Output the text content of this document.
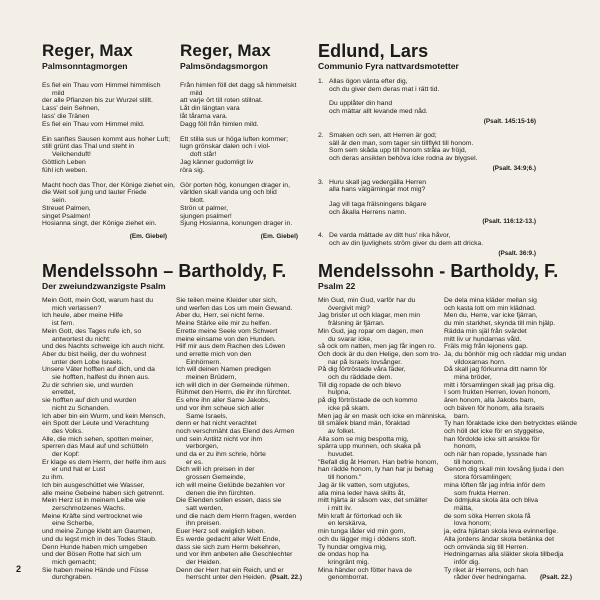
Reger, Max
Palmsonntagmorgen
Es fiel ein Thau vom Himmel himmlisch
mild
der alle Pflanzen bis zur Wurzel stillt.
Lass' dein Sehnen,
lass' die Tränen
Es fiel ein Thau vom Himmel mild.
Ein sanftes Sausen kommt aus hoher Luft;
still grünt das Thal und steht in
Veilchenduft!
Göttlich Leben
fühl ich weben.
Macht hoch das Thor, der Könige ziehet ein,
die Weit soll jung und lauter Friede
sein.
Streuet Palmen,
singet Psalmen!
Hosianna singt, der Könige ziehet ein.
(Em. Giebel)
Reger, Max
Palmsöndagsmorgon
Från himlen föll det dagg så himmelskt
mild
att varje ört till roten stillnat.
Låt din längtan vara
låt tårarna vara.
Dagg föll från himlen mild.
Ett stilla sus ur höga luften kommer;
lugn grönskar dalen och i viol-
doft står!
Jag känner gudomligt liv
röra sig.
Gör porten hög, konungen drager in,
världen skall vanda ung och blid
blott.
Strön ut palmer,
sjungen psalmer!
Sjung Hosianna, konungen drager in.
(Em. Giebel)
Edlund, Lars
Communio Fyra nattvardsmotetter
1. Allas ögon vänta efter dig,
och du giver dem deras mat i rätt tid.
Du upplåter din hand
och mättar allt levande med nåd.
(Psalt. 145:15-16)
2. Smaken och sen, att Herren är god;
säll är den man, som tager sin tillflykt till honom.
Som sem skåda upp till honom stråla av fröjd,
och deras ansikten behöva icke rodna av blygsel.
(Psalt. 34:9;6.)
3. Huru skall jag vedergälla Herren
alla hans välgärningar mot mig?
Jag vill taga frälsningens bägare
och åkalla Herrens namn.
(Psalt. 116:12-13.)
4. De varda mättade av ditt hus' rika håvor,
och av din ljuvlighets ström giver du dem att dricka.
(Psalt. 36:9.)
Mendelssohn – Bartholdy, F.
Der zweiundzwanzigste Psalm
Mein Gott, mein Gott, warum hast du
mich verlassen?
Ich heule, aber meine Hilfe
ist fern.
Mein Gott, des Tages rufe ich, so
antwortest du nicht:
und des Nachts schweige ich auch nicht.
Aber du bist heilig, der du wohnest
unter dem Lobe Israels.
Unsere Väter hofften auf dich, und da
sie hofften, halfest du ihnen aus.
Zu dir schrien sie, und wurden
errettet,
sie hofften auf dich und wurden
nicht zu Schanden.
Ich aber bin ein Wurm, und kein Mensch,
ein Spott der Leute und Verachtung
des Volks.
Alle, die mich sehen, spotten meiner,
sperren das Maul auf und schütteln
der Kopf:
Er klage es dem Herrn, der helfe ihm aus
er und hat er Lust
zu ihm.
Ich bin ausgeschüttet wie Wasser,
alle meine Gebeine haben sich getrennt.
Mein Herz ist in meinem Leibe wie
zerschmolzenes Wachs.
Meine Kräfte sind vertrocknet wie
eine Scherbe,
und meine Zunge klebt am Gaumen,
und du legst mich in des Todes Staub.
Denn Hunde haben mich umgeben
und der Bösen Rotte hat sich um
mich gemacht;
Sie haben meine Hände und Füsse
durchgraben.
Sie teilen meine Kleider uter sich,
und werfen das Los um mein Gewand.
Aber du, Herr, sei nicht ferne.
Meine Stärke eile mir zu helfen.
Errette meine Seele vom Schwert
meine einsame von den Hunden.
Hilf mir aus dem Rachen des Löwen
und errette mich von den
Einhörnern.
Ich will deinen Namen predigen
meinen Brüdern,
ich will dich in der Gemeinde rühmen.
Rühmet den Herrn, die ihr ihn fürchtet.
Es ehre ihn aller Same Jakobs,
und vor ihm scheue sich aller
Same Israels,
denn er hat nicht verachtet
noch verschmäht das Elend des Armen
und sein Antlitz nicht vor ihm
verborgen,
und da er zu ihm schrie, hörte
er es.
Dich will ich preisen in der
grossen Gemeinde,
ich will meine Gelübde bezahlen vor
denen die ihn fürchten.
Die Elenden sollen essen, dass sie
satt werden,
und die nach dem Herrn fragen, werden
ihn preisen.
Euer Herz soll ewiglich leben.
Es werde gedacht aller Welt Ende,
dass sie sich zum Herrn bekehren,
und vor ihm anbeten alle Geschlechter
der Heiden.
Denn der Herr hat ein Reich, und er
herrscht unter den Heiden. (Psalt. 22.)
Mendelssohn - Bartholdy, F.
Psalm 22
Min Gud, min Gud, varför har du
övergivit mig?
Jag brister ut och klagar, men min
frälsning är fjärran.
Min Gud, jag ropar om dagen, men
du svarar icke,
så ock om natten, men jag får ingen ro.
Och dock är du den Helige, den som tro-
nar på Israels lovsånger.
På dig förtröstade våra fäder,
och du räddade dem.
Till dig ropade de och blevo
hulpna,
på dig förtröstade de och kommo
icke på skam.
Men jag är en mask och icke en människa,
till smälek bland män, föraktad
av folket.
Alla som se mig bespotta mig,
spärra upp munnen, och skaka på
huvudet.
"Befall dig åt Herren. Han befrie honom,
han rädde honom, ty han har ju behag
till honom."
Jag är lik vatten, som utgjutes,
alla mina leder hava skilts åt,
mitt hjärta är såsom vax, det smälter
i mitt liv.
Min kraft är förtorkad och lik
en lerskärva,
min tunga låder vid min gom,
och du lägger mig i dödens stoft.
Ty hundar omgiva mig,
de ondas hop ha
kringränt mig.
Mina händer och fötter hava de
genomborrat.
De dela mina kläder mellan sig
och kasta lott om min klädnad.
Men du, Herre, var icke fjärran,
du min starkhet, skynda till min hjälp.
Rädda min själ från svärdet
mitt liv ur hundarnas våld.
Fräls mig från lejonens gap.
Ja, du bönhör mig och räddar mig undan
vildoxarnas horn.
Då skall jag förkunna ditt namn för
mina bröder,
mitt i församlingen skall jag prisa dig.
I som frukten Herren, loven honom,
ären honom, alla Jakobs barn,
och bäven för honom, alla Israels
barn.
Ty han föraktade icke den betrycktes elände
och höll det icke för en styggelse,
han fördolde icke sitt ansikte för
honom,
och när han ropade, lyssnade han
till honom.
Genom dig skall min lovsång ljuda i den
stora församlingen;
mina löften får jag infria inför dem
som frukta Herren.
De ödmjuka skola äta och bliva
mätta,
de som söka Herren skola få
lova honom;
ja, edra hjärtan skola leva evinnerlige.
Alla jordens ändar skola betänka det
och omvända sig till Herren.
Hedningarnas alla släkter skola tillbedja
inför dig.
Ty riket är Herrens, och han
råder över hedningarna.	(Psalt. 22.)
2
